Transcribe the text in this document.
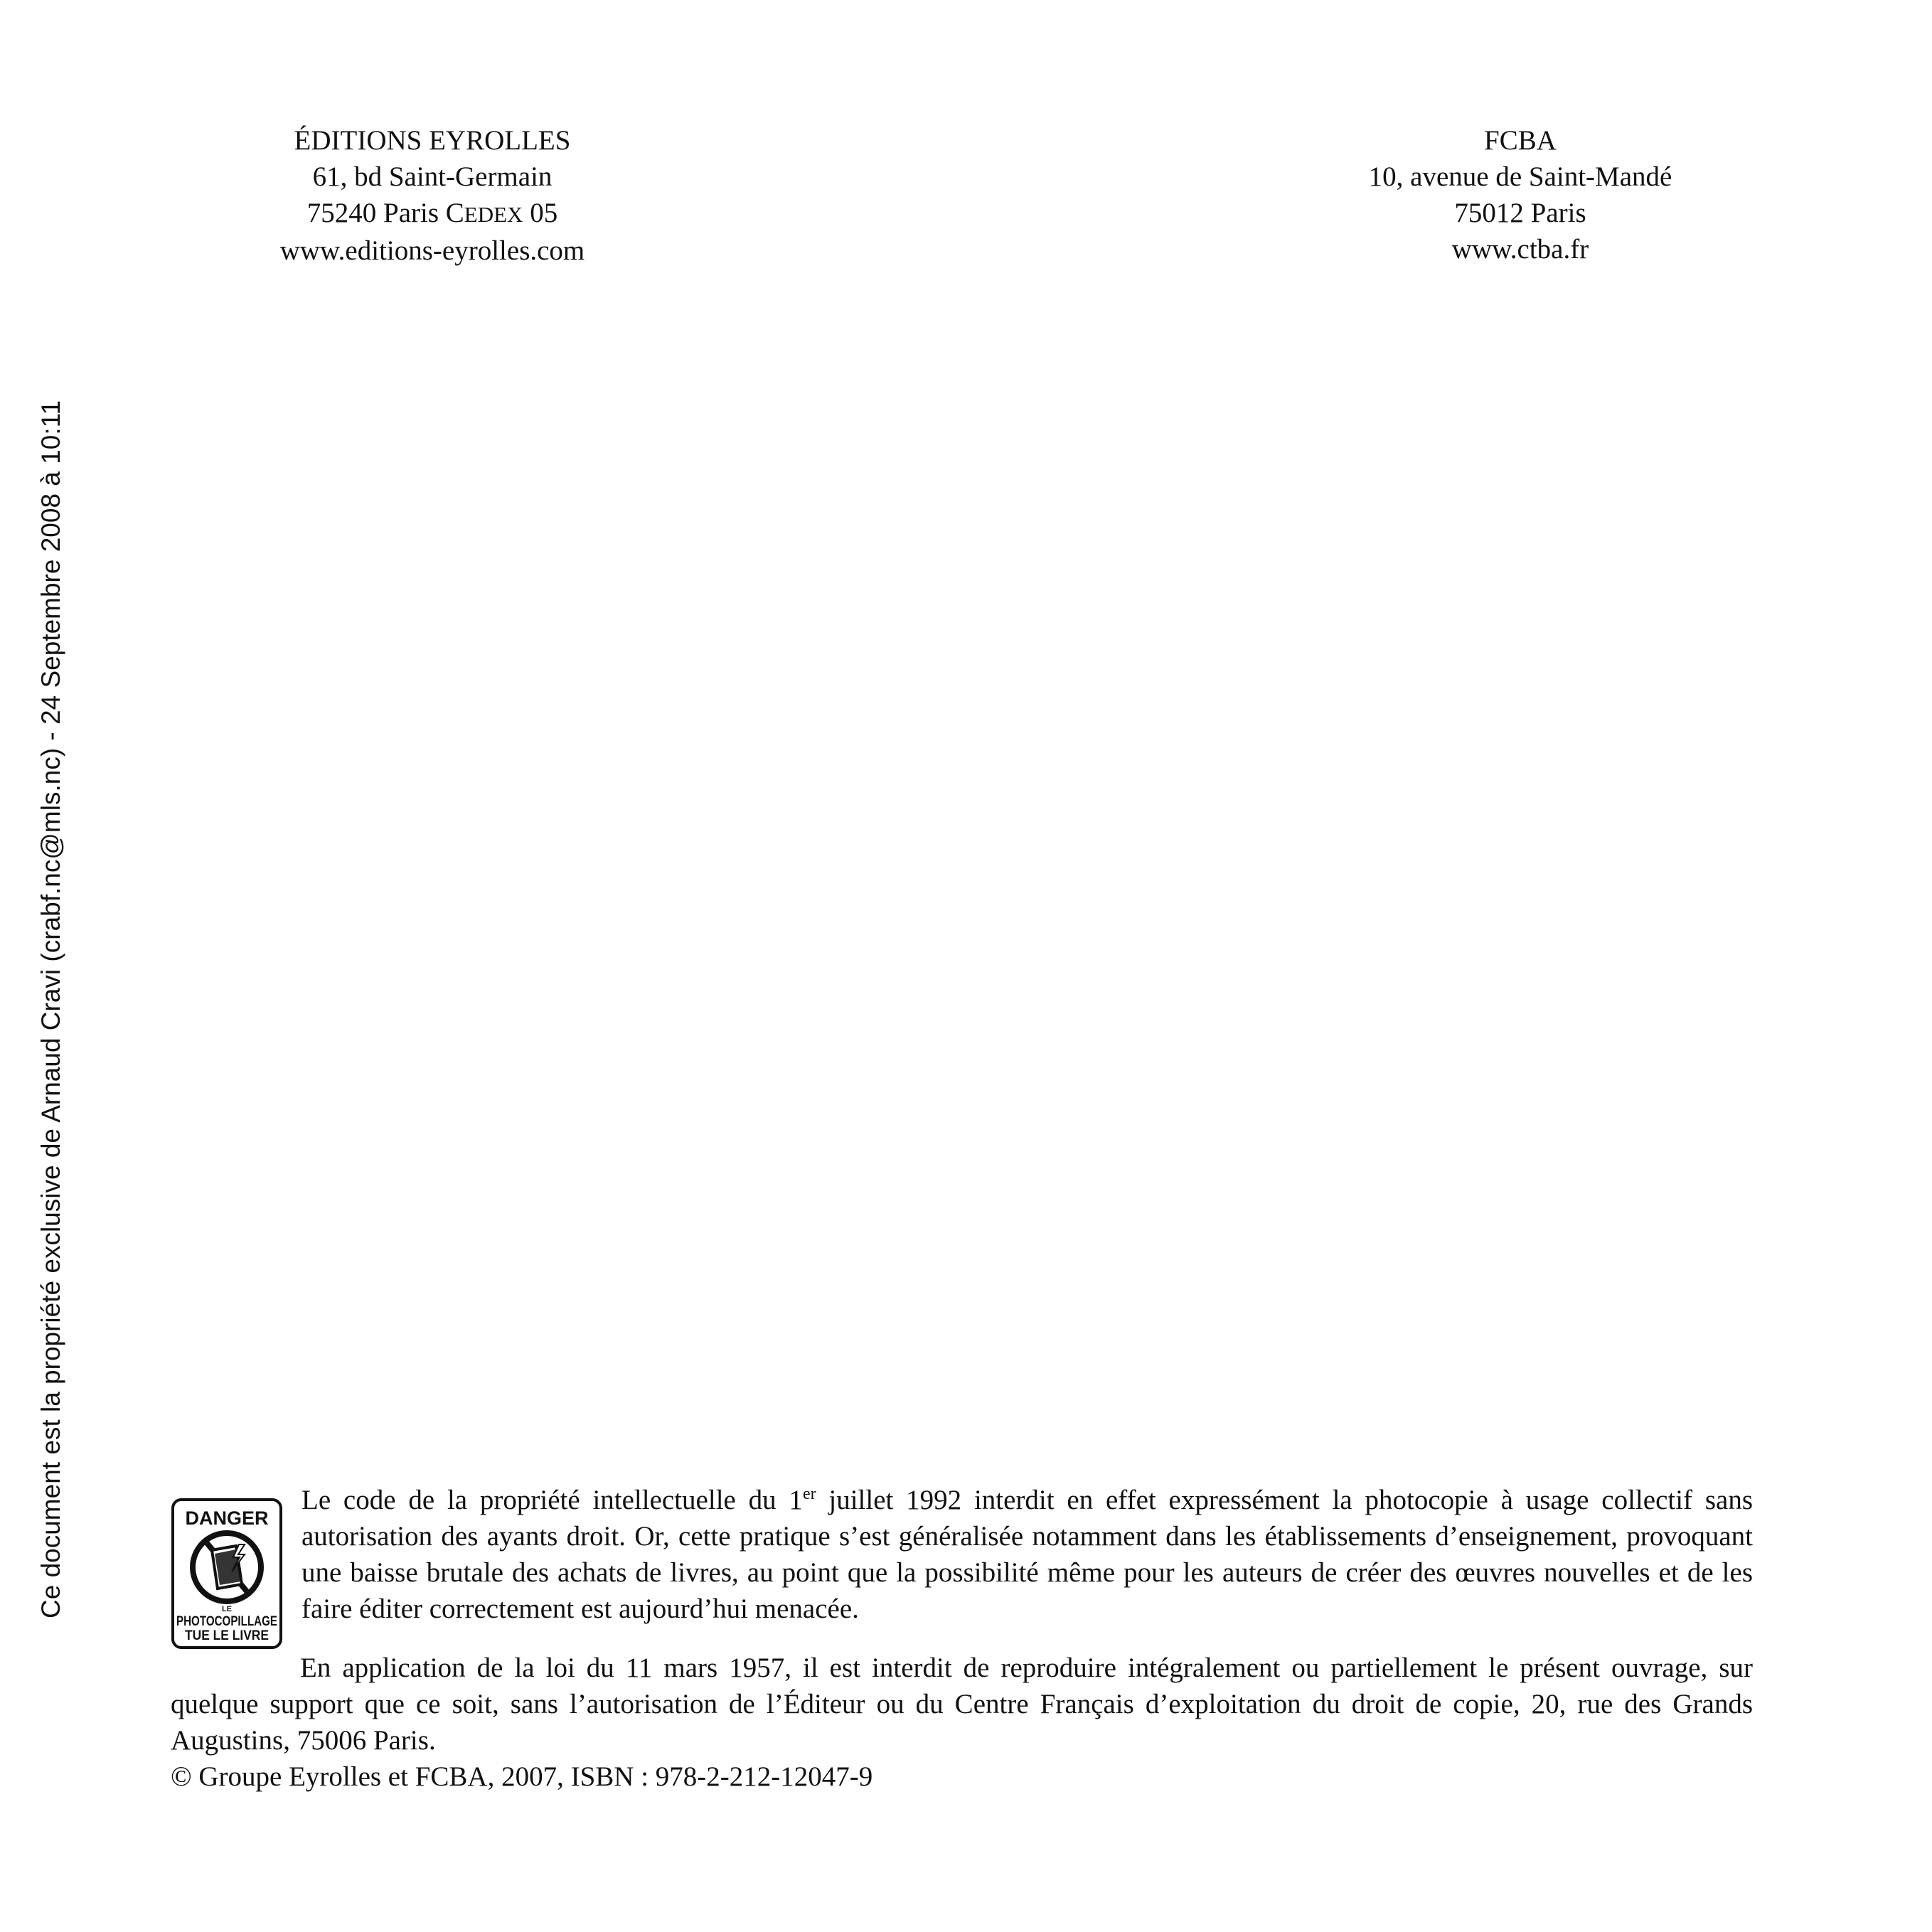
ÉDITIONS EYROLLES
61, bd Saint-Germain
75240 Paris CEDEX 05
www.editions-eyrolles.com
FCBA
10, avenue de Saint-Mandé
75012 Paris
www.ctba.fr
Ce document est la propriété exclusive de Arnaud Cravi (crabf.nc@mls.nc) - 24 Septembre 2008 à 10:11	DANGER
LE
PHOTOCOPILLAGE
TUE LE LIVRE
Le code de la propriété intellectuelle du 1er juillet 1992 interdit en effet expressément la photocopie à usage collectif sans autorisation des ayants droit. Or, cette pratique s’est généralisée notamment dans les établissements d’enseignement, provoquant une baisse brutale des achats de livres, au point que la possibilité même pour les auteurs de créer des œuvres nouvelles et de les faire éditer correctement est aujourd’hui menacée.
En application de la loi du 11 mars 1957, il est interdit de reproduire intégralement ou partiellement le présent ouvrage, sur quelque support que ce soit, sans l’autorisation de l’Éditeur ou du Centre Français d’exploitation du droit de copie, 20, rue des Grands Augustins, 75006 Paris.
© Groupe Eyrolles et FCBA, 2007, ISBN : 978-2-212-12047-9
